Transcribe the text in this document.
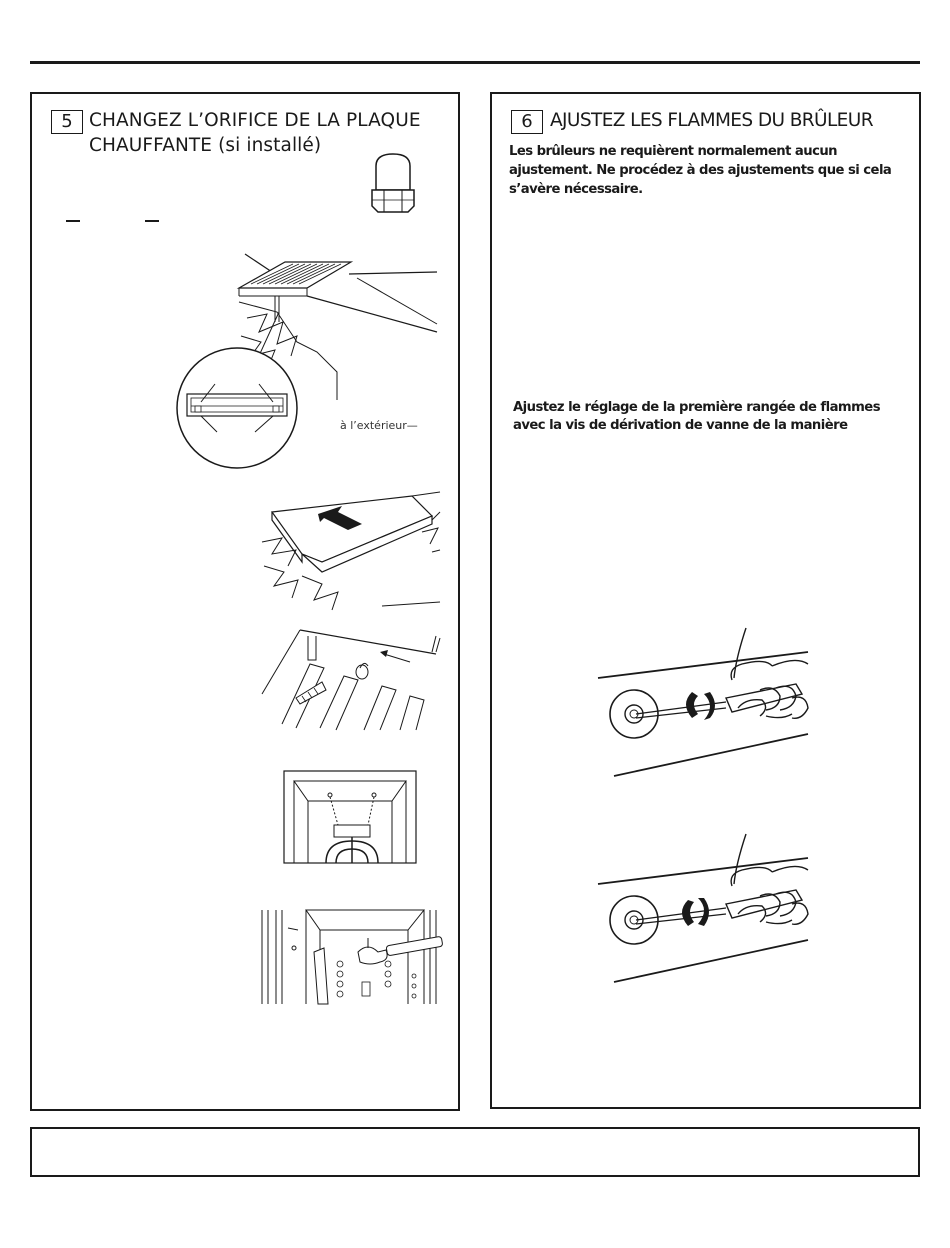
5 CHANGEZ L’ORIFICE DE LA PLAQUE
CHAUFFANTE (si installé)
à l’extérieur—
6 AJUSTEZ LES FLAMMES DU BRÛLEUR
Les brûleurs ne requièrent normalement aucun
ajustement. Ne procédez à des ajustements que si cela
s’avère nécessaire.
Ajustez le réglage de la première rangée de flammes
avec la vis de dérivation de vanne de la manière
